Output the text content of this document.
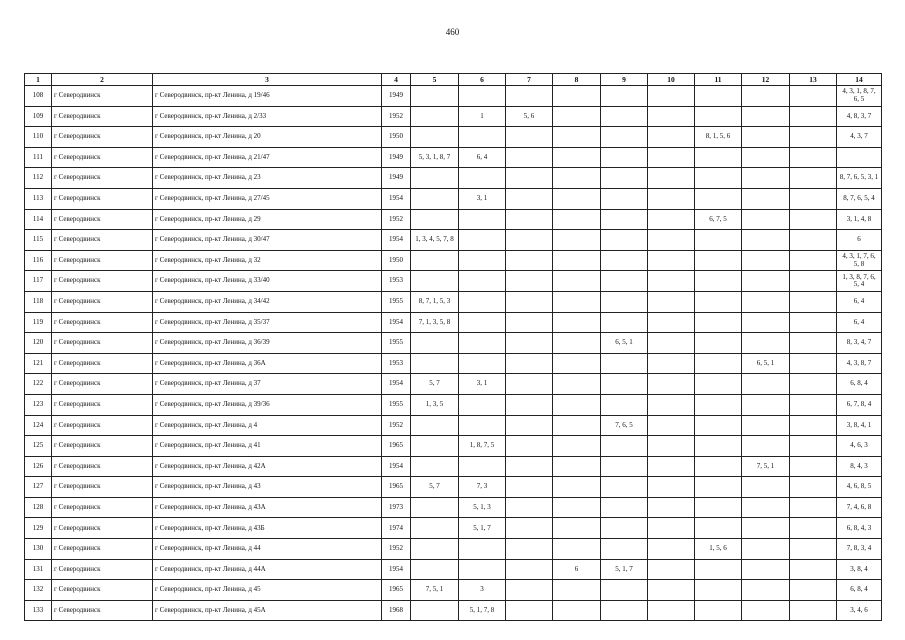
460
1	2	3	4	5	6	7	8	9	10	11	12	13	14
108	г Северодвинск	г Северодвинск, пр-кт Ленина, д 19/46	1949										4, 3, 1, 8, 7, 6, 5
109	г Северодвинск	г Северодвинск, пр-кт Ленина, д 2/33	1952		1	5, 6							4, 8, 3, 7
110	г Северодвинск	г Северодвинск, пр-кт Ленина, д 20	1950							8, 1, 5, 6			4, 3, 7
111	г Северодвинск	г Северодвинск, пр-кт Ленина, д 21/47	1949	5, 3, 1, 8, 7	6, 4								
112	г Северодвинск	г Северодвинск, пр-кт Ленина, д 23	1949										8, 7, 6, 5, 3, 1
113	г Северодвинск	г Северодвинск, пр-кт Ленина, д 27/45	1954		3, 1								8, 7, 6, 5, 4
114	г Северодвинск	г Северодвинск, пр-кт Ленина, д 29	1952							6, 7, 5			3, 1, 4, 8
115	г Северодвинск	г Северодвинск, пр-кт Ленина, д 30/47	1954	1, 3, 4, 5, 7, 8									6
116	г Северодвинск	г Северодвинск, пр-кт Ленина, д 32	1950										4, 3, 1, 7, 6, 5, 8
117	г Северодвинск	г Северодвинск, пр-кт Ленина, д 33/40	1953										1, 3, 8, 7, 6, 5, 4
118	г Северодвинск	г Северодвинск, пр-кт Ленина, д 34/42	1955	8, 7, 1, 5, 3									6, 4
119	г Северодвинск	г Северодвинск, пр-кт Ленина, д 35/37	1954	7, 1, 3, 5, 8									6, 4
120	г Северодвинск	г Северодвинск, пр-кт Ленина, д 36/39	1955					6, 5, 1					8, 3, 4, 7
121	г Северодвинск	г Северодвинск, пр-кт Ленина, д 36А	1953								6, 5, 1		4, 3, 8, 7
122	г Северодвинск	г Северодвинск, пр-кт Ленина, д 37	1954	5, 7	3, 1								6, 8, 4
123	г Северодвинск	г Северодвинск, пр-кт Ленина, д 39/36	1955	1, 3, 5									6, 7, 8, 4
124	г Северодвинск	г Северодвинск, пр-кт Ленина, д 4	1952					7, 6, 5					3, 8, 4, 1
125	г Северодвинск	г Северодвинск, пр-кт Ленина, д 41	1965		1, 8, 7, 5								4, 6, 3
126	г Северодвинск	г Северодвинск, пр-кт Ленина, д 42А	1954								7, 5, 1		8, 4, 3
127	г Северодвинск	г Северодвинск, пр-кт Ленина, д 43	1965	5, 7	7, 3								4, 6, 8, 5
128	г Северодвинск	г Северодвинск, пр-кт Ленина, д 43А	1973		5, 1, 3								7, 4, 6, 8
129	г Северодвинск	г Северодвинск, пр-кт Ленина, д 43Б	1974		5, 1, 7								6, 8, 4, 3
130	г Северодвинск	г Северодвинск, пр-кт Ленина, д 44	1952							1, 5, 6			7, 8, 3, 4
131	г Северодвинск	г Северодвинск, пр-кт Ленина, д 44А	1954				6	5, 1, 7					3, 8, 4
132	г Северодвинск	г Северодвинск, пр-кт Ленина, д 45	1965	7, 5, 1	3								6, 8, 4
133	г Северодвинск	г Северодвинск, пр-кт Ленина, д 45А	1968		5, 1, 7, 8								3, 4, 6
